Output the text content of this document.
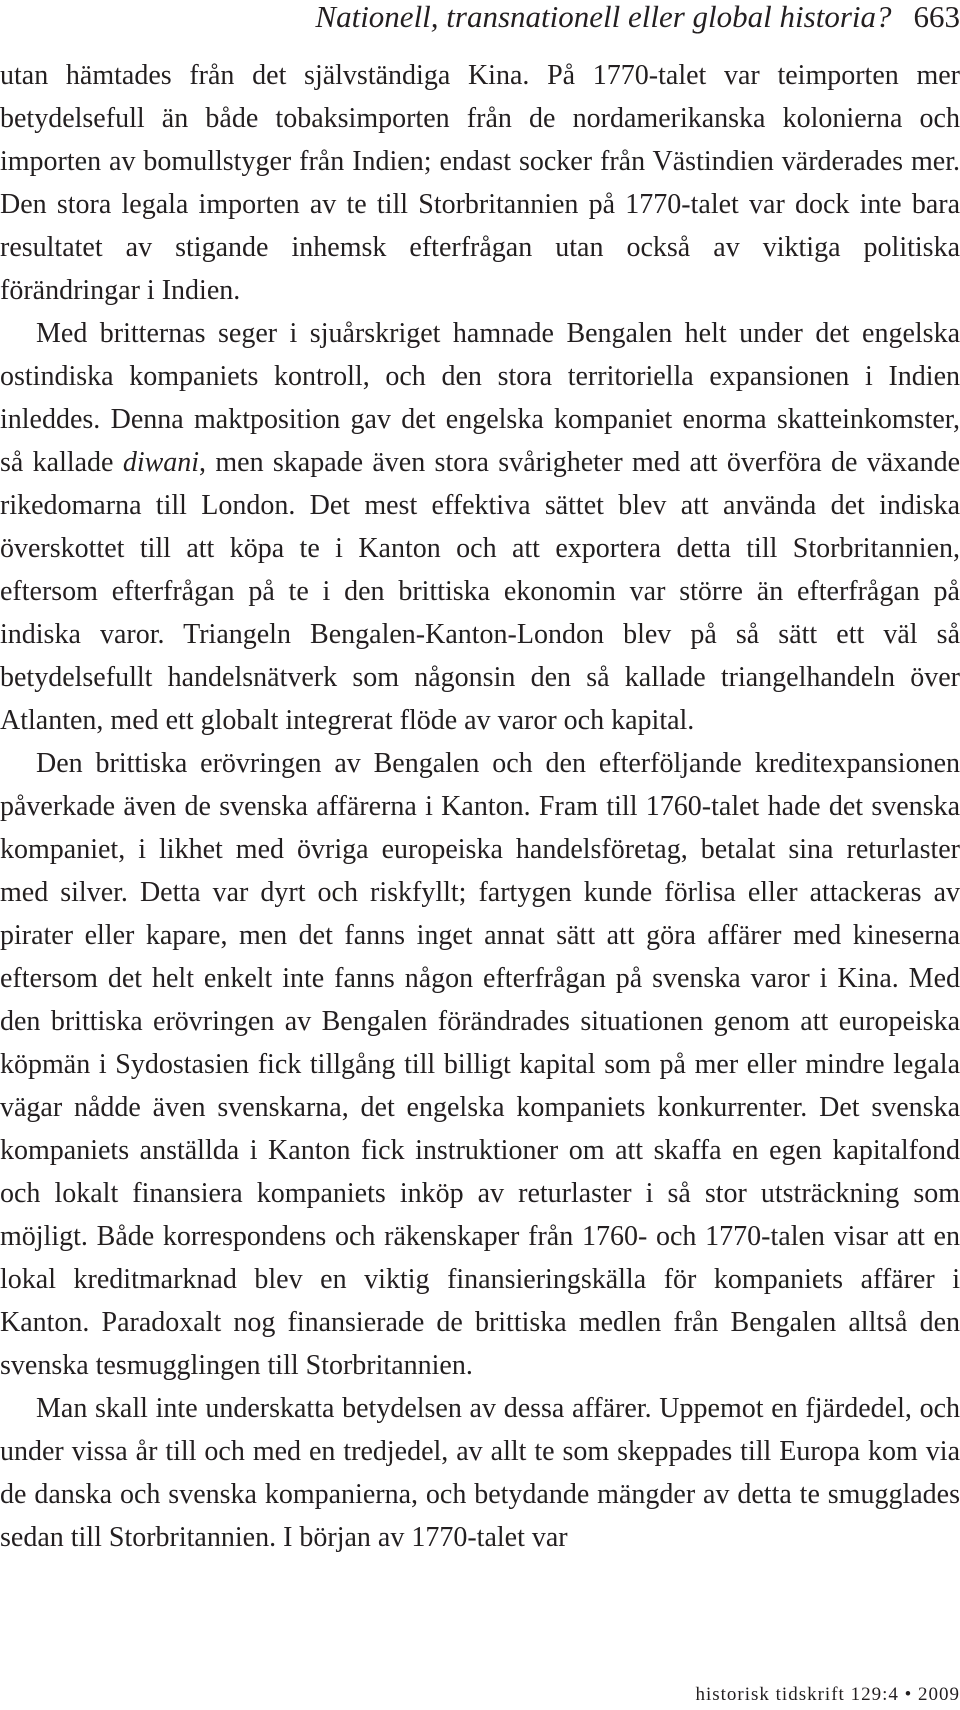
Nationell, transnationell eller global historia? 663

utan hämtades från det självständiga Kina. På 1770-talet var teimporten mer betydelsefull än både tobaksimporten från de nordamerikanska kolonierna och importen av bomullstyger från Indien; endast socker från Västindien värderades mer. Den stora legala importen av te till Storbritannien på 1770-talet var dock inte bara resultatet av stigande inhemsk efterfrågan utan också av viktiga politiska förändringar i Indien.

Med britternas seger i sjuårskriget hamnade Bengalen helt under det engelska ostindiska kompaniets kontroll, och den stora territoriella expansionen i Indien inleddes. Denna maktposition gav det engelska kompaniet enorma skatteinkomster, så kallade diwani, men skapade även stora svårigheter med att överföra de växande rikedomarna till London. Det mest effektiva sättet blev att använda det indiska överskottet till att köpa te i Kanton och att exportera detta till Storbritannien, eftersom efterfrågan på te i den brittiska ekonomin var större än efterfrågan på indiska varor. Triangeln Bengalen-Kanton-London blev på så sätt ett väl så betydelsefullt handelsnätverk som någonsin den så kallade triangelhandeln över Atlanten, med ett globalt integrerat flöde av varor och kapital.

Den brittiska erövringen av Bengalen och den efterföljande kreditexpansionen påverkade även de svenska affärerna i Kanton. Fram till 1760-talet hade det svenska kompaniet, i likhet med övriga europeiska handelsföretag, betalat sina returlaster med silver. Detta var dyrt och riskfyllt; fartygen kunde förlisa eller attackeras av pirater eller kapare, men det fanns inget annat sätt att göra affärer med kineserna eftersom det helt enkelt inte fanns någon efterfrågan på svenska varor i Kina. Med den brittiska erövringen av Bengalen förändrades situationen genom att europeiska köpmän i Sydostasien fick tillgång till billigt kapital som på mer eller mindre legala vägar nådde även svenskarna, det engelska kompaniets konkurrenter. Det svenska kompaniets anställda i Kanton fick instruktioner om att skaffa en egen kapitalfond och lokalt finansiera kompaniets inköp av returlaster i så stor utsträckning som möjligt. Både korrespondens och räkenskaper från 1760- och 1770-talen visar att en lokal kreditmarknad blev en viktig finansieringskälla för kompaniets affärer i Kanton. Paradoxalt nog finansierade de brittiska medlen från Bengalen alltså den svenska tesmugglingen till Storbritannien.

Man skall inte underskatta betydelsen av dessa affärer. Uppemot en fjärdedel, och under vissa år till och med en tredjedel, av allt te som skeppades till Europa kom via de danska och svenska kompanierna, och betydande mängder av detta te smugglades sedan till Storbritannien. I början av 1770-talet var

historisk tidskrift 129:4 • 2009
